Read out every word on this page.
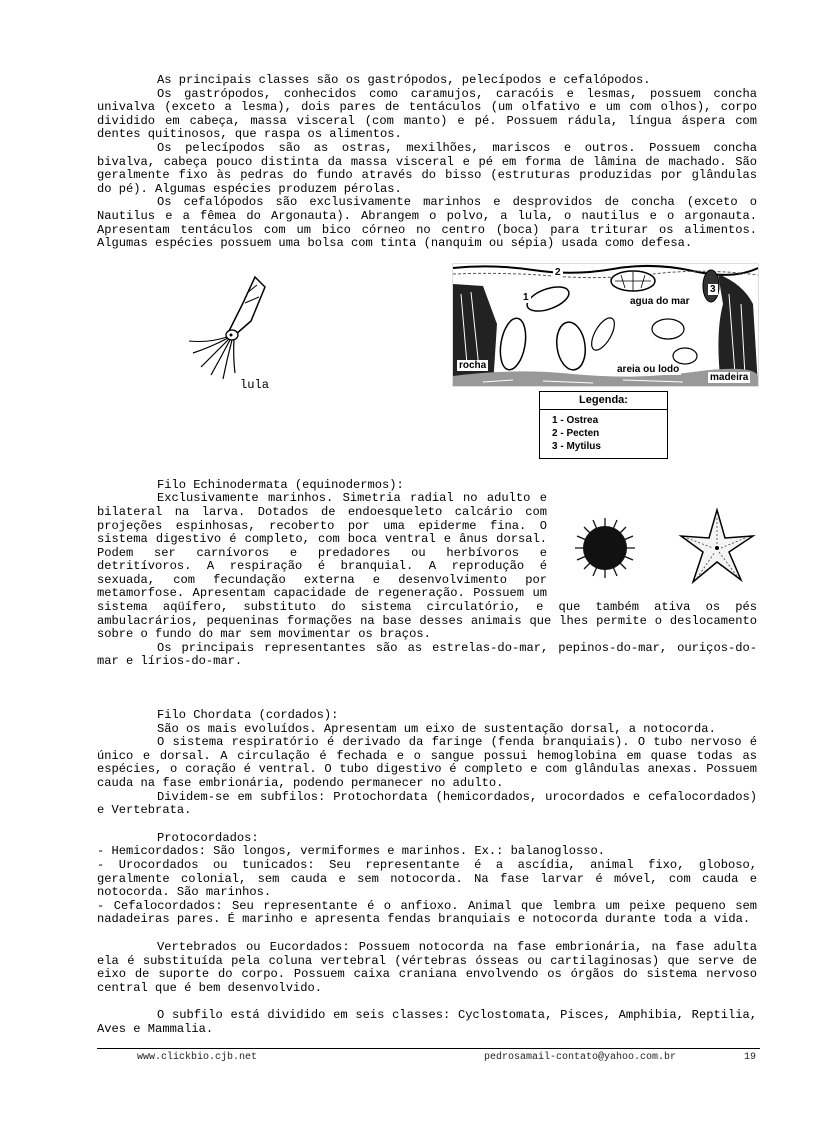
As principais classes são os gastrópodos, pelecípodos e cefalópodos.

Os gastrópodos, conhecidos como caramujos, caracóis e lesmas, possuem concha univalva (exceto a lesma), dois pares de tentáculos (um olfativo e um com olhos), corpo dividido em cabeça, massa visceral (com manto) e pé. Possuem rádula, língua áspera com dentes quitinosos, que raspa os alimentos.

Os pelecípodos são as ostras, mexilhões, mariscos e outros. Possuem concha bivalva, cabeça pouco distinta da massa visceral e pé em forma de lâmina de machado. São geralmente fixo às pedras do fundo através do bisso (estruturas produzidas por glândulas do pé). Algumas espécies produzem pérolas.

Os cefalópodos são exclusivamente marinhos e desprovidos de concha (exceto o Nautilus e a fêmea do Argonauta). Abrangem o polvo, a lula, o nautilus e o argonauta. Apresentam tentáculos com um bico córneo no centro (boca) para triturar os alimentos. Algumas espécies possuem uma bolsa com tinta (nanquim ou sépia) usada como defesa.

lula
2
1
3
agua do mar
rocha	areia ou lodo
madeira
Legenda:
1 - Ostrea
2 - Pecten
3 - Mytilus

Filo Echinodermata (equinodermos):

Exclusivamente marinhos. Simetria radial no adulto e bilateral na larva. Dotados de endoesqueleto calcário com projeções espinhosas, recoberto por uma epiderme fina. O sistema digestivo é completo, com boca ventral e ânus dorsal. Podem ser carnívoros e predadores ou herbívoros e detritívoros. A respiração é branquial. A reprodução é sexuada, com fecundação externa e desenvolvimento por metamorfose. Apresentam capacidade de regeneração. Possuem um sistema aqüífero, substituto do sistema circulatório, e que também ativa os pés ambulacrários, pequeninas formações na base desses animais que lhes permite o deslocamento sobre o fundo do mar sem movimentar os braços.

Os principais representantes são as estrelas-do-mar, pepinos-do-mar, ouriços-do-mar e lírios-do-mar.

Filo Chordata (cordados):

São os mais evoluídos. Apresentam um eixo de sustentação dorsal, a notocorda.

O sistema respiratório é derivado da faringe (fenda branquiais). O tubo nervoso é único e dorsal. A circulação é fechada e o sangue possui hemoglobina em quase todas as espécies, o coração é ventral. O tubo digestivo é completo e com glândulas anexas. Possuem cauda na fase embrionária, podendo permanecer no adulto.

Dividem-se em subfilos: Protochordata (hemicordados, urocordados e cefalocordados) e Vertebrata.

Protocordados:

- Hemicordados: São longos, vermiformes e marinhos. Ex.: balanoglosso.

- Urocordados ou tunicados: Seu representante é a ascídia, animal fixo, globoso, geralmente colonial, sem cauda e sem notocorda. Na fase larvar é móvel, com cauda e notocorda. São marinhos.

- Cefalocordados: Seu representante é o anfioxo. Animal que lembra um peixe pequeno sem nadadeiras pares. É marinho e apresenta fendas branquiais e notocorda durante toda a vida.

Vertebrados ou Eucordados: Possuem notocorda na fase embrionária, na fase adulta ela é substituída pela coluna vertebral (vértebras ósseas ou cartilaginosas) que serve de eixo de suporte do corpo. Possuem caixa craniana envolvendo os órgãos do sistema nervoso central que é bem desenvolvido.

O subfilo está dividido em seis classes: Cyclostomata, Pisces, Amphibia, Reptilia, Aves e Mammalia.

www.clickbio.cjb.net	pedrosamail-contato@yahoo.com.br	19
